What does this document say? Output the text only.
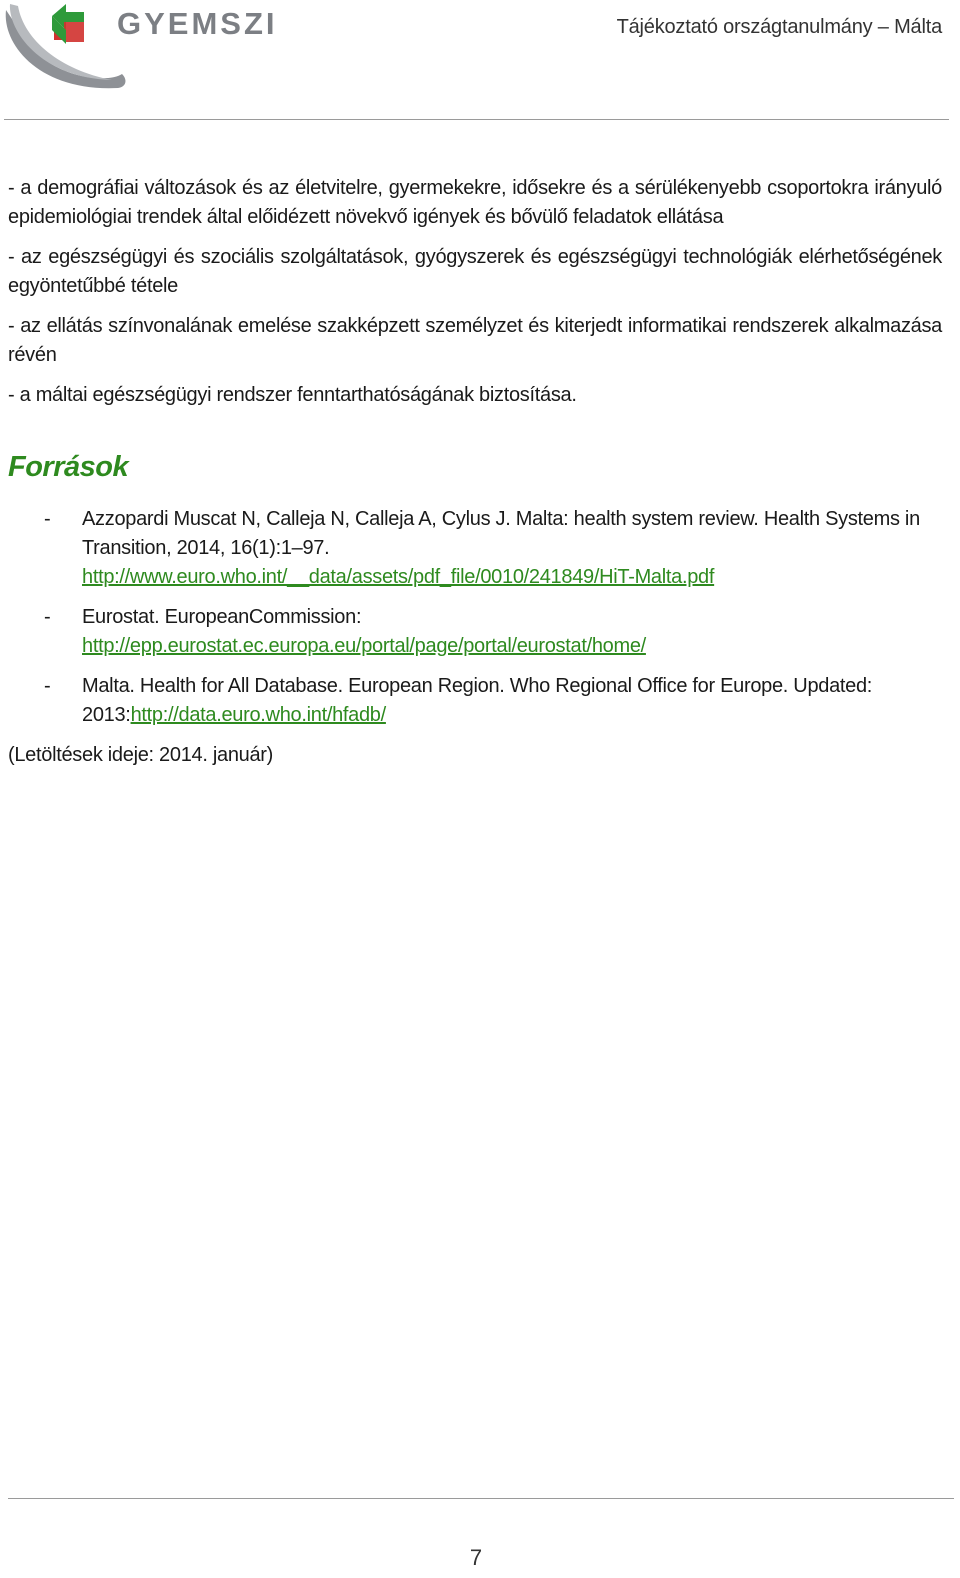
GYEMSZI	Tájékoztató országtanulmány – Málta

- a demográfiai változások és az életvitelre, gyermekekre, idősekre és a sérülékenyebb csoportokra irányuló epidemiológiai trendek által előidézett növekvő igények és bővülő feladatok ellátása

- az egészségügyi és szociális szolgáltatások, gyógyszerek és egészségügyi technológiák elérhetőségének egyöntetűbbé tétele

- az ellátás színvonalának emelése szakképzett személyzet és kiterjedt informatikai rendszerek alkalmazása révén

- a máltai egészségügyi rendszer fenntarthatóságának biztosítása.

Források
- Azzopardi Muscat N, Calleja N, Calleja A, Cylus J. Malta: health system review. Health Systems in Transition, 2014, 16(1):1–97.
http://www.euro.who.int/__data/assets/pdf_file/0010/241849/HiT-Malta.pdf
- Eurostat. EuropeanCommission:
http://epp.eurostat.ec.europa.eu/portal/page/portal/eurostat/home/
- Malta. Health for All Database. European Region. Who Regional Office for Europe. Updated: 2013:http://data.euro.who.int/hfadb/
(Letöltések ideje: 2014. január)
7
